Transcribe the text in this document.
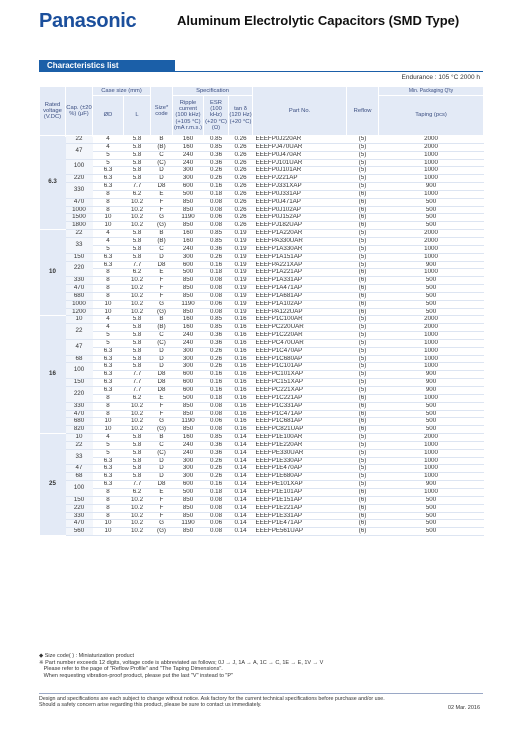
Panasonic	Aluminum Electrolytic Capacitors (SMD Type)
Characteristics list
Endurance : 105 °C 2000 h
Rated voltage (V.DC)	Cap. (±20 %) (μF)	Case size (mm)		Size* code	Specification			Part No.	Reflow	Min. Packaging Q'ty
		ØD	L		Ripple current (100 kHz) (+105 °C) (mA r.m.s.)	ESR (100 kHz) (+20 °C) (Ω)	tan δ (120 Hz) (+20 °C)			Taping (pcs)

6.3	22	4	5.8	B	160	0.85	0.26	EEEFP0J220AR	(5)	2000
	47	4	5.8	(B)	160	0.85	0.26	EEEFPJ470UAR	(5)	2000
		5	5.8	C	240	0.36	0.26	EEEFP0J470AR	(5)	1000
	100	5	5.8	(C)	240	0.36	0.26	EEEFPJ101UAR	(5)	1000
		6.3	5.8	D	300	0.26	0.26	EEEFP0J101AR	(5)	1000
	220	6.3	5.8	D	300	0.26	0.26	EEEFPJ221AP	(5)	1000
	330	6.3	7.7	D8	600	0.16	0.26	EEEFPJ331XAP	(5)	900
		8	6.2	E	500	0.18	0.26	EEEFP0J331AP	(6)	1000
	470	8	10.2	F	850	0.08	0.26	EEEFP0J471AP	(6)	500
	1000	8	10.2	F	850	0.08	0.26	EEEFP0J102AP	(6)	500
	1500	10	10.2	G	1190	0.06	0.26	EEEFP0J152AP	(6)	500
	1800	10	10.2	(G)	850	0.08	0.26	EEEFPJ182UAP	(6)	500
10	22	4	5.8	B	160	0.85	0.19	EEEFP1A220AR	(5)	2000
	33	4	5.8	(B)	160	0.85	0.19	EEEFPA330UAR	(5)	2000
		5	5.8	C	240	0.36	0.19	EEEFP1A330AR	(5)	1000
	150	6.3	5.8	D	300	0.26	0.19	EEEFP1A151AP	(5)	1000
	220	6.3	7.7	D8	600	0.16	0.19	EEEFPA221XAP	(5)	900
		8	6.2	E	500	0.18	0.19	EEEFP1A221AP	(6)	1000
	330	8	10.2	F	850	0.08	0.19	EEEFP1A331AP	(6)	500
	470	8	10.2	F	850	0.08	0.19	EEEFP1A471AP	(6)	500
	680	8	10.2	F	850	0.08	0.19	EEEFP1A681AP	(6)	500
	1000	10	10.2	G	1190	0.06	0.19	EEEFP1A102AP	(6)	500
	1200	10	10.2	(G)	850	0.08	0.19	EEEFPA122UAP	(6)	500
16	10	4	5.8	B	160	0.85	0.16	EEEFP1C100AR	(5)	2000
	22	4	5.8	(B)	160	0.85	0.16	EEEFPC220UAR	(5)	2000
		5	5.8	C	240	0.36	0.16	EEEFP1C220AR	(5)	1000
	47	5	5.8	(C)	240	0.36	0.16	EEEFPC470UAR	(5)	1000
		6.3	5.8	D	300	0.26	0.16	EEEFP1C470AP	(5)	1000
	68	6.3	5.8	D	300	0.26	0.16	EEEFP1C680AP	(5)	1000
	100	6.3	5.8	D	300	0.26	0.16	EEEFP1C101AP	(5)	1000
		6.3	7.7	D8	600	0.16	0.16	EEEFPC101XAP	(5)	900
	150	6.3	7.7	D8	600	0.16	0.16	EEEFPC151XAP	(5)	900
	220	6.3	7.7	D8	600	0.16	0.16	EEEFPC221XAP	(5)	900
		8	6.2	E	500	0.18	0.16	EEEFP1C221AP	(6)	1000
	330	8	10.2	F	850	0.08	0.16	EEEFP1C331AP	(6)	500
	470	8	10.2	F	850	0.08	0.16	EEEFP1C471AP	(6)	500
	680	10	10.2	G	1190	0.06	0.16	EEEFP1C681AP	(6)	500
	820	10	10.2	(G)	850	0.08	0.16	EEEFPC821UAP	(6)	500
25	10	4	5.8	B	160	0.85	0.14	EEEFP1E100AR	(5)	2000
	22	5	5.8	C	240	0.36	0.14	EEEFP1E220AR	(5)	1000
	33	5	5.8	(C)	240	0.36	0.14	EEEFPE330UAR	(5)	1000
		6.3	5.8	D	300	0.26	0.14	EEEFP1E330AP	(5)	1000
	47	6.3	5.8	D	300	0.26	0.14	EEEFP1E470AP	(5)	1000
	68	6.3	5.8	D	300	0.26	0.14	EEEFP1E680AP	(5)	1000
	100	6.3	7.7	D8	600	0.16	0.14	EEEFPE101XAP	(5)	900
		8	6.2	E	500	0.18	0.14	EEEFP1E101AP	(6)	1000
	150	8	10.2	F	850	0.08	0.14	EEEFP1E151AP	(6)	500
	220	8	10.2	F	850	0.08	0.14	EEEFP1E221AP	(6)	500
	330	8	10.2	F	850	0.08	0.14	EEEFP1E331AP	(6)	500
	470	10	10.2	G	1190	0.06	0.14	EEEFP1E471AP	(6)	500
	560	10	10.2	(G)	850	0.08	0.14	EEEFPE561UAP	(6)	500
◆ Size code( ) : Miniaturization product
※ Part number exceeds 12 digits, voltage code is abbreviated as follows; 0J → J, 1A → A, 1C → C, 1E → E, 1V → V
Please refer to the page of "Reflow Profile" and "The Taping Dimensions".
When requesting vibration-proof product, please put the last "V" instead to "P"
Design and specifications are each subject to change without notice. Ask factory for the current technical specifications before purchase and/or use.
Should a safety concern arise regarding this product, please be sure to contact us immediately.	02 Mar. 2016
